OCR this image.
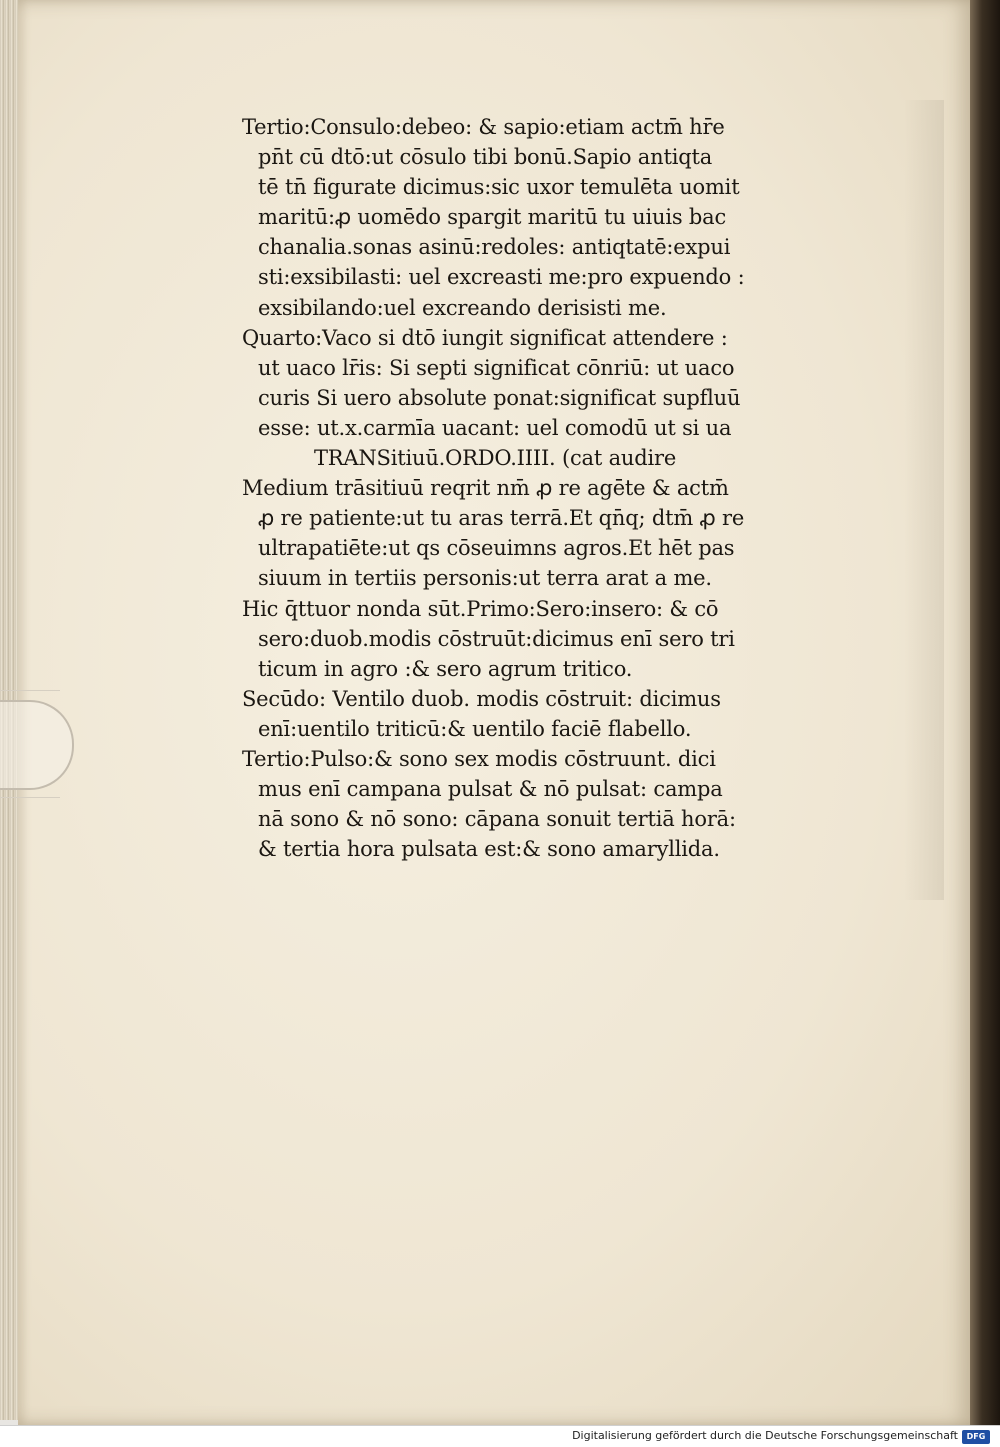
Tertio:Consulo:debeo: & sapio:etiam actm̄ hr̄e
pn̄t cū dtō:ut cōsulo tibi bonū.Sapio antiqta
tē tn̄ figurate dicimus:sic uxor temulēta uomit
maritū:ꝓ uomēdo spargit maritū tu uiuis bac
chanalia.sonas asinū:redoles: antiqtatē:expui
sti:exsibilasti: uel excreasti me:pro expuendo :
exsibilando:uel excreando derisisti me.
Quarto:Vaco si dtō iungit significat attendere :
ut uaco lr̄is: Si septi significat cōnriū: ut uaco
curis Si uero absolute ponat:significat supfluū
esse: ut.x.carmīa uacant: uel comodū ut si ua
TRANSitiuū.ORDO.IIII. (cat audire
Medium trāsitiuū reqrit nm̄ ꝓ re agēte & actm̄
ꝓ re patiente:ut tu aras terrā.Et qn̄q; dtm̄ ꝓ re
ultrapatiēte:ut qs cōseuimns agros.Et hēt pas
siuum in tertiis personis:ut terra arat a me.
Hic q̄ttuor nonda sūt.Primo:Sero:insero: & cō
sero:duob.modis cōstruūt:dicimus enī sero tri
ticum in agro :& sero agrum tritico.
Secūdo: Ventilo duob. modis cōstruit: dicimus
enī:uentilo triticū:& uentilo faciē flabello.
Tertio:Pulso:& sono sex modis cōstruunt. dici
mus enī campana pulsat & nō pulsat: campa
nā sono & nō sono: cāpana sonuit tertiā horā:
& tertia hora pulsata est:& sono amaryllida.
Digitalisierung gefördert durch die Deutsche Forschungsgemeinschaft	DFG
